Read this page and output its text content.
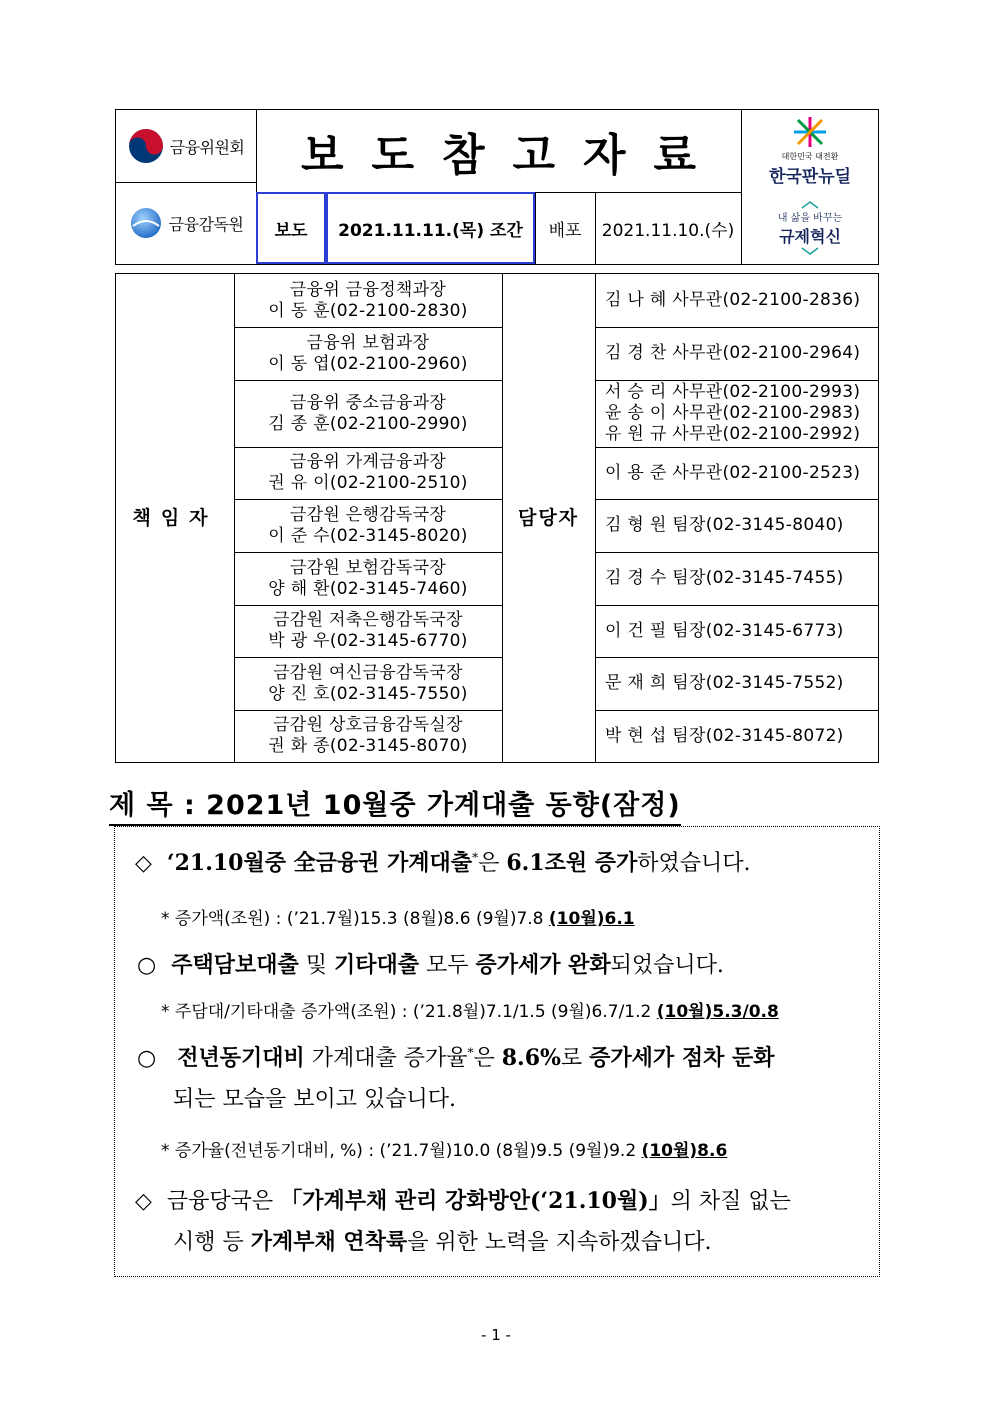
금융위원회
금융감독원
보도참고자료
보도 2021.11.11.(목) 조간 배포 2021.11.10.(수)
대한민국 대전환
한국판뉴딜
내 삶을 바꾸는
규제혁신
금융위 금융정책과장
이 동 훈(02-2100-2830)
김 나 혜 사무관(02-2100-2836)
금융위 보험과장
이 동 엽(02-2100-2960)
김 경 찬 사무관(02-2100-2964)
금융위 중소금융과장
김 종 훈(02-2100-2990)
서 승 리 사무관(02-2100-2993)
윤 송 이 사무관(02-2100-2983)
유 원 규 사무관(02-2100-2992)
금융위 가계금융과장
권 유 이(02-2100-2510)
이 용 준 사무관(02-2100-2523)
금감원 은행감독국장
이 준 수(02-3145-8020)
김 형 원 팀장(02-3145-8040)
금감원 보험감독국장
양 해 환(02-3145-7460)
김 경 수 팀장(02-3145-7455)
금감원 저축은행감독국장
박 광 우(02-3145-6770)
이 건 필 팀장(02-3145-6773)
금감원 여신금융감독국장
양 진 호(02-3145-7550)
문 재 희 팀장(02-3145-7552)
금감원 상호금융감독실장
권 화 종(02-3145-8070)
박 현 섭 팀장(02-3145-8072)
책임자	담당자
제 목 : 2021년 10월중 가계대출 동향(잠정)
◇ ‘21.10월중 全금융권 가계대출*은 6.1조원 증가하였습니다.
* 증가액(조원) : (’21.7월)15.3 (8월)8.6 (9월)7.8 (10월)6.1
○ 주택담보대출 및 기타대출 모두 증가세가 완화되었습니다.
* 주담대/기타대출 증가액(조원) : (’21.8월)7.1/1.5 (9월)6.7/1.2 (10월)5.3/0.8
○ 전년동기대비 가계대출 증가율*은 8.6%로 증가세가 점차 둔화
되는 모습을 보이고 있습니다.
* 증가율(전년동기대비, %) : (’21.7월)10.0 (8월)9.5 (9월)9.2 (10월)8.6
◇ 금융당국은 「가계부채 관리 강화방안(‘21.10월)」의 차질 없는
시행 등 가계부채 연착륙을 위한 노력을 지속하겠습니다.
- 1 -
